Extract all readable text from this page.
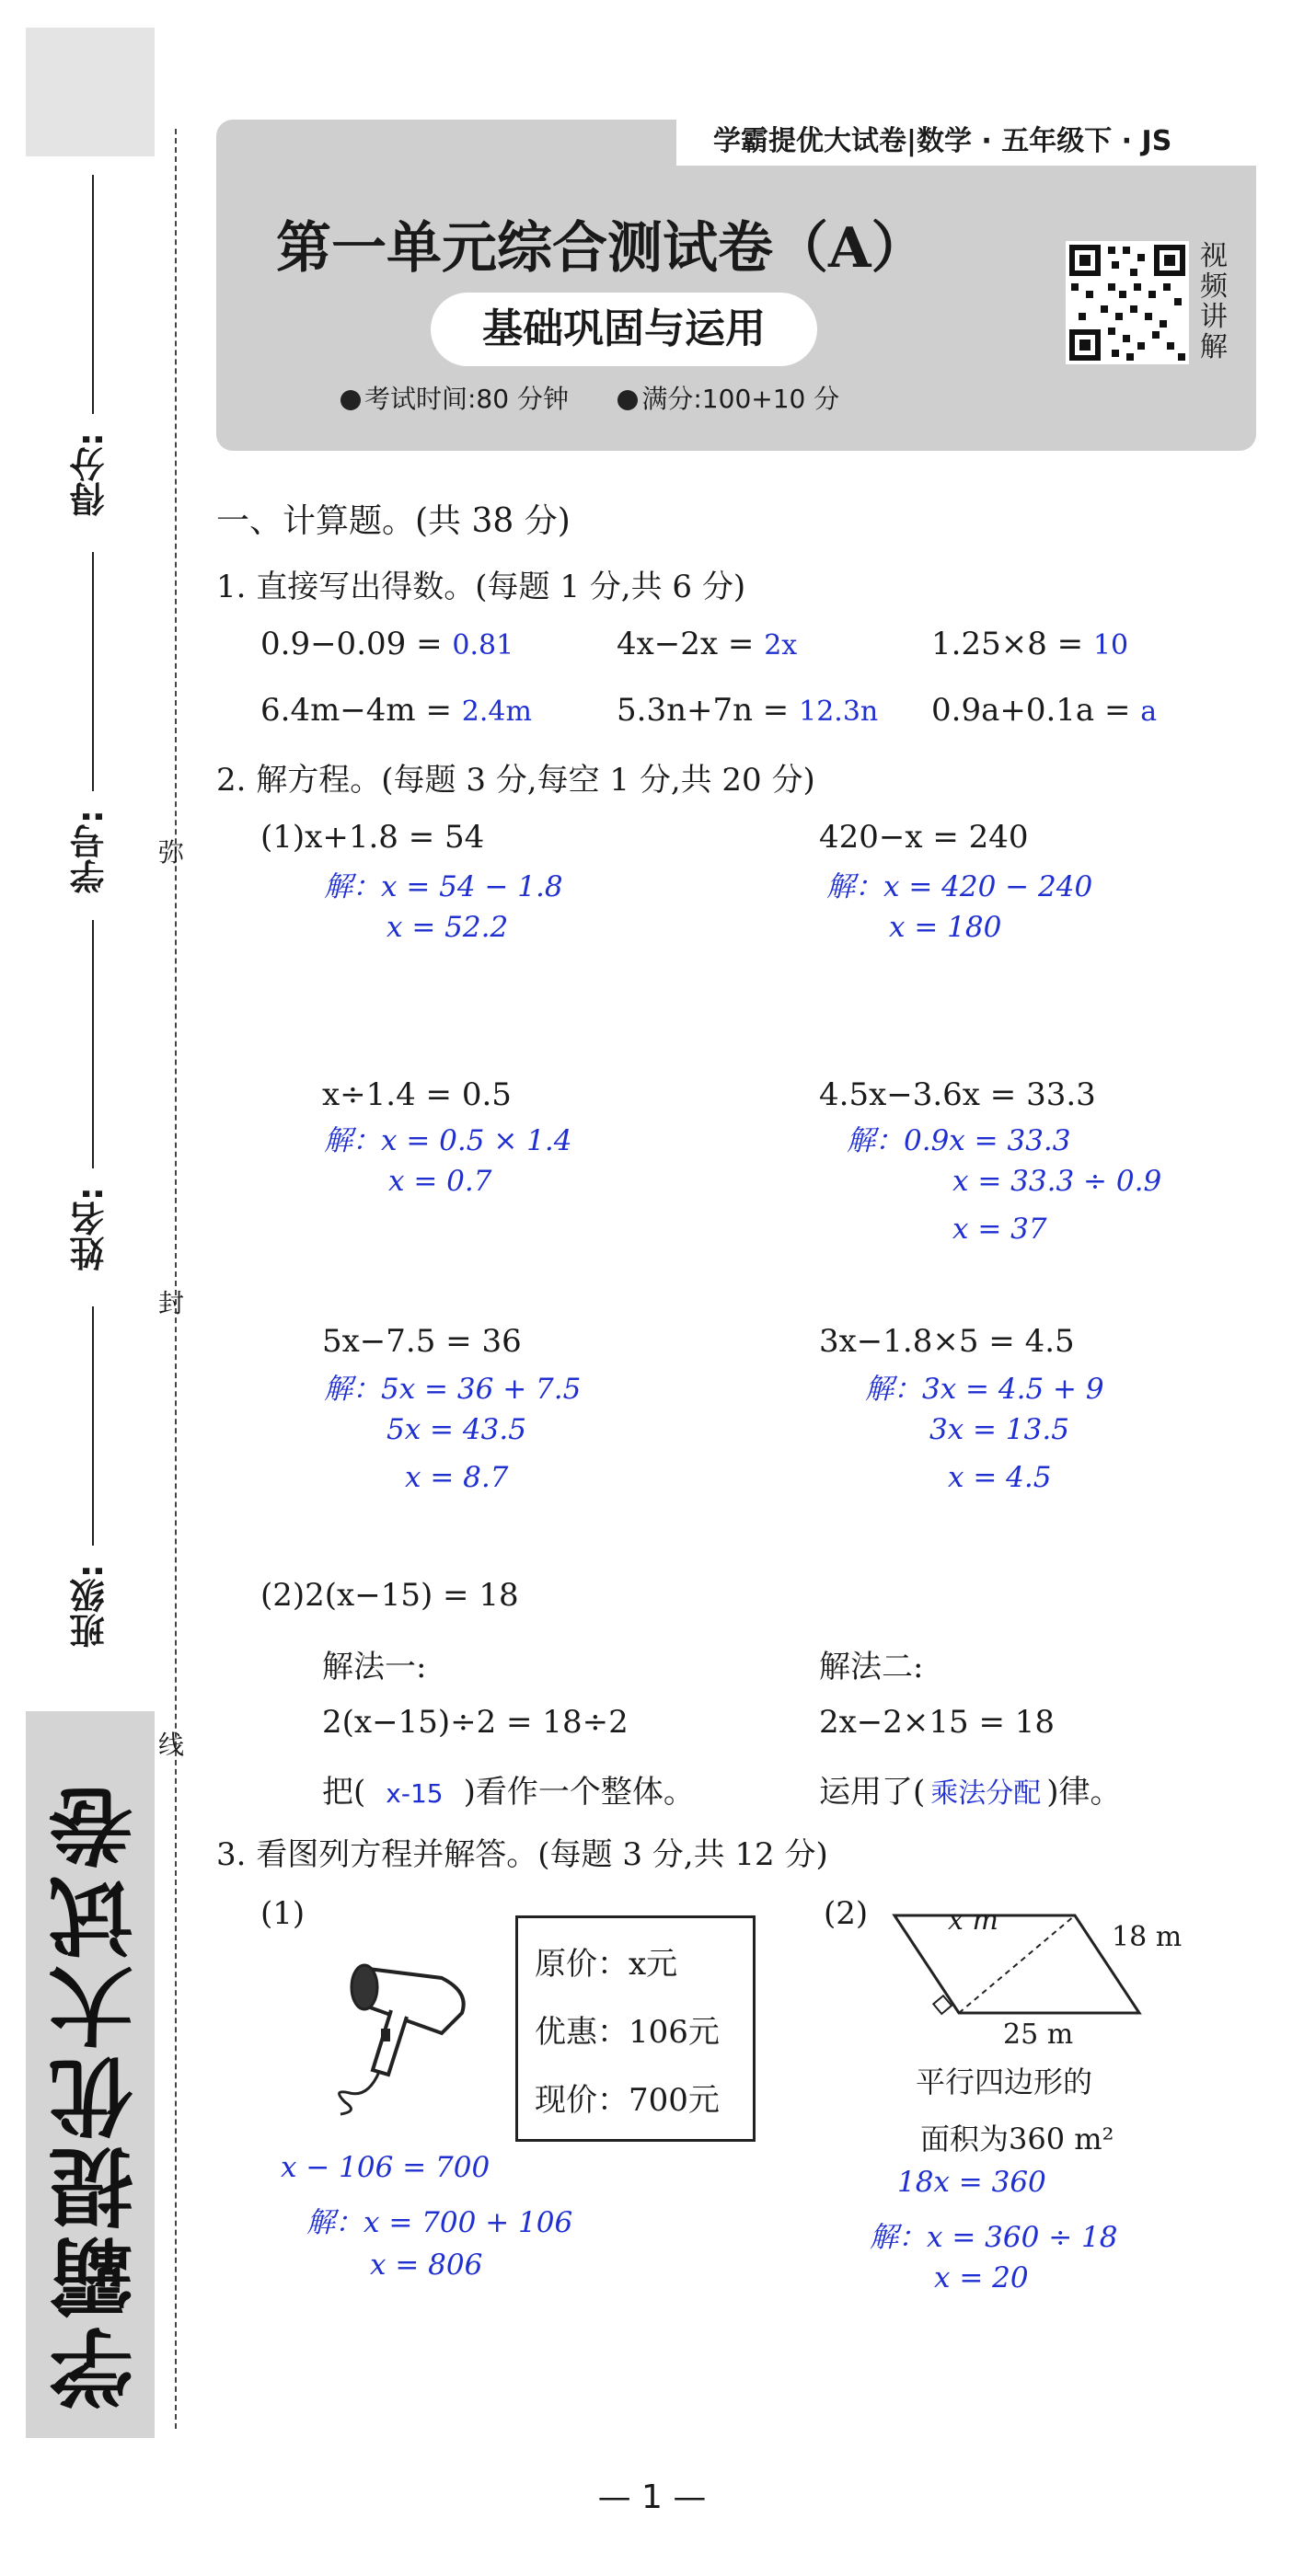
学霸提优大试卷
得分:
学号:
姓名:
班级:
弥
封
线
学霸提优大试卷|数学 · 五年级下 · JS
第一单元综合测试卷（A）
基础巩固与运用
考试时间:80 分钟	满分:100+10 分
视频讲解
一、计算题。(共 38 分)
1. 直接写出得数。(每题 1 分,共 6 分)
0.9−0.09 = 0.81	4x−2x = 2x	1.25×8 = 10
6.4m−4m = 2.4m	5.3n+7n = 12.3n 0.9a+0.1a = a
2. 解方程。(每题 3 分,每空 1 分,共 20 分)
(1)x+1.8 = 54
解：x = 54 − 1.8
x = 52.2
420−x = 240
解：x = 420 − 240
x = 180
x÷1.4 = 0.5
解：x = 0.5 × 1.4
x = 0.7
4.5x−3.6x = 33.3
解：0.9x = 33.3
x = 33.3 ÷ 0.9
x = 37
5x−7.5 = 36
解：5x = 36 + 7.5
5x = 43.5
x = 8.7
3x−1.8×5 = 4.5
解：3x = 4.5 + 9
3x = 13.5
x = 4.5
(2)2(x−15) = 18
解法一:	解法二:
2(x−15)÷2 = 18÷2	2x−2×15 = 18
把( x-15 )看作一个整体。	运用了( 乘法分配 )律。
3. 看图列方程并解答。(每题 3 分,共 12 分)
(1)
原价：x元
优惠：106元
现价：700元
x − 106 = 700
解：x = 700 + 106
x = 806
(2)	x m
18 m
25 m
平行四边形的
面积为360 m²
18x = 360
解：x = 360 ÷ 18
x = 20
— 1 —
